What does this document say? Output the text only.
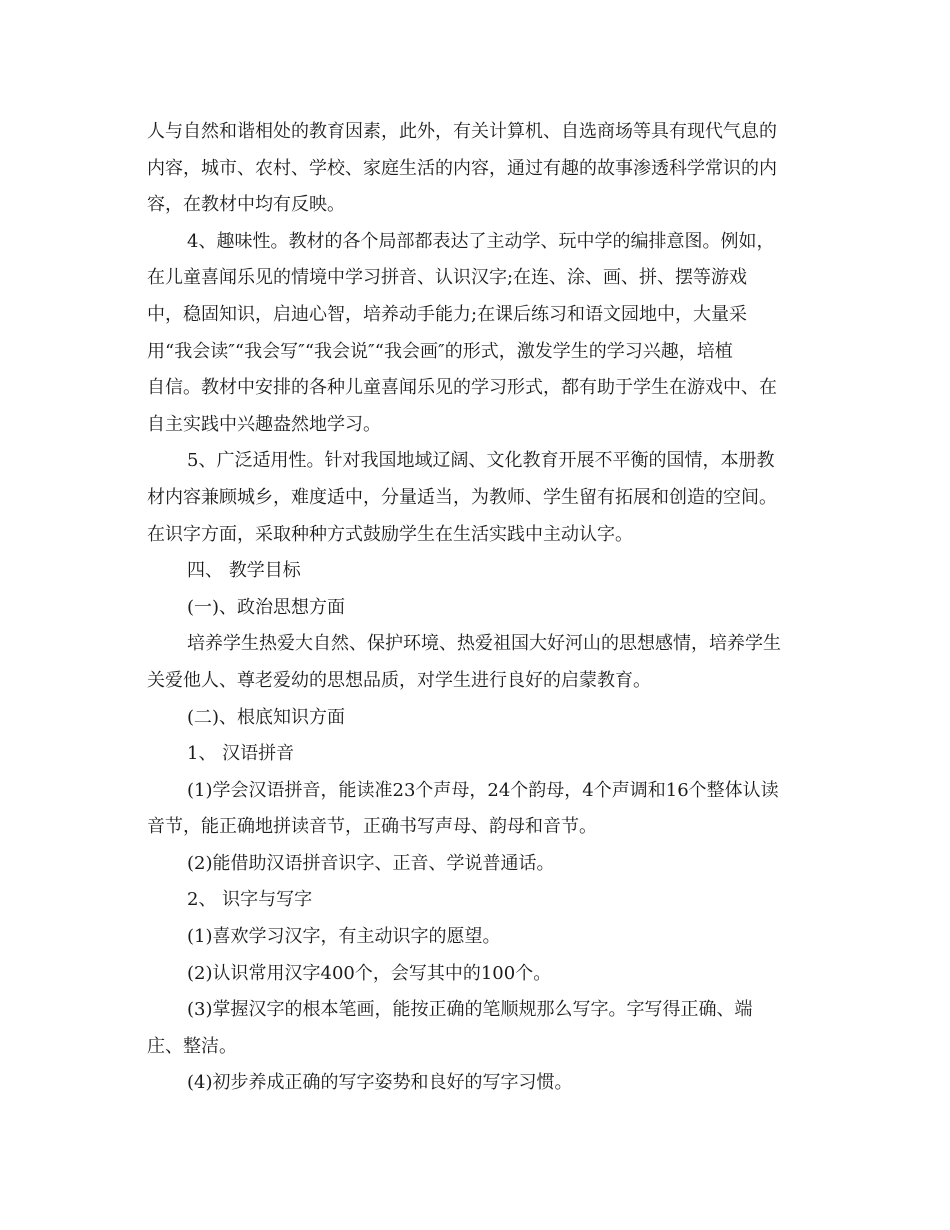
人与自然和谐相处的教育因素，此外，有关计算机、自选商场等具有现代气息的
内容，城市、农村、学校、家庭生活的内容，通过有趣的故事渗透科学常识的内
容，在教材中均有反映。
4、趣味性。教材的各个局部都表达了主动学、玩中学的编排意图。例如，
在儿童喜闻乐见的情境中学习拼音、认识汉字;在连、涂、画、拼、摆等游戏
中，稳固知识，启迪心智，培养动手能力;在课后练习和语文园地中，大量采
用“我会读″“我会写″“我会说″“我会画″的形式，激发学生的学习兴趣，培植
自信。教材中安排的各种儿童喜闻乐见的学习形式，都有助于学生在游戏中、在
自主实践中兴趣盎然地学习。
5、广泛适用性。针对我国地域辽阔、文化教育开展不平衡的国情，本册教
材内容兼顾城乡，难度适中，分量适当，为教师、学生留有拓展和创造的空间。
在识字方面，采取种种方式鼓励学生在生活实践中主动认字。
四、 教学目标
(一)、政治思想方面
培养学生热爱大自然、保护环境、热爱祖国大好河山的思想感情，培养学生
关爱他人、尊老爱幼的思想品质，对学生进行良好的启蒙教育。
(二)、根底知识方面
1、 汉语拼音
(1)学会汉语拼音，能读准23个声母，24个韵母，4个声调和16个整体认读
音节，能正确地拼读音节，正确书写声母、韵母和音节。
(2)能借助汉语拼音识字、正音、学说普通话。
2、 识字与写字
(1)喜欢学习汉字，有主动识字的愿望。
(2)认识常用汉字400个，会写其中的100个。
(3)掌握汉字的根本笔画，能按正确的笔顺规那么写字。字写得正确、端
庄、整洁。
(4)初步养成正确的写字姿势和良好的写字习惯。
